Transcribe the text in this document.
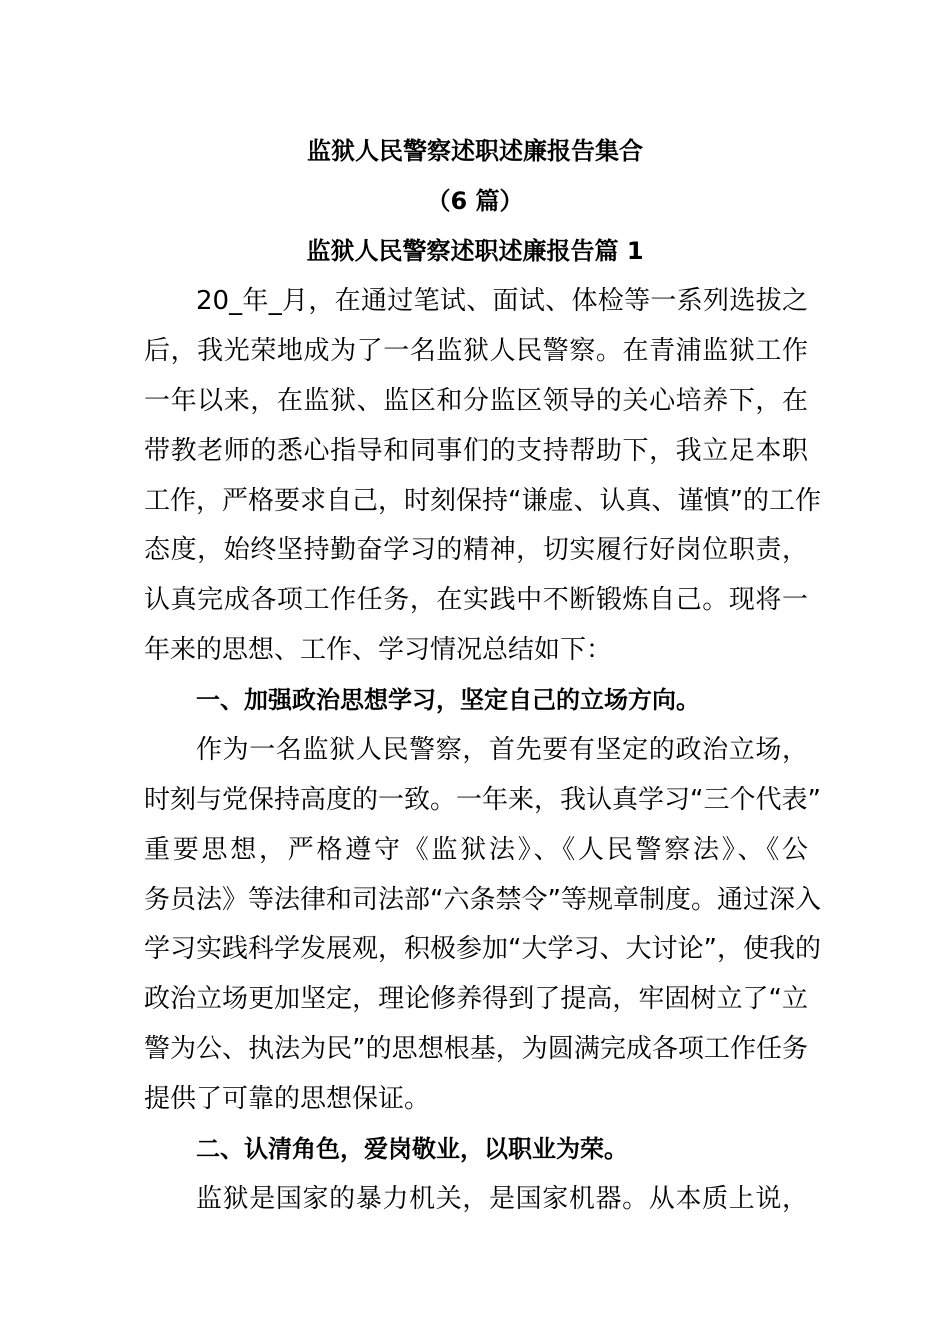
监狱人民警察述职述廉报告集合
（6 篇）
监狱人民警察述职述廉报告篇 1
20_年_月，在通过笔试、面试、体检等一系列选拔之
后，我光荣地成为了一名监狱人民警察。在青浦监狱工作
一年以来，在监狱、监区和分监区领导的关心培养下，在
带教老师的悉心指导和同事们的支持帮助下，我立足本职
工作，严格要求自己，时刻保持“谦虚、认真、谨慎”的工作
态度，始终坚持勤奋学习的精神，切实履行好岗位职责，
认真完成各项工作任务，在实践中不断锻炼自己。现将一
年来的思想、工作、学习情况总结如下：
一、加强政治思想学习，坚定自己的立场方向。
作为一名监狱人民警察，首先要有坚定的政治立场，
时刻与党保持高度的一致。一年来，我认真学习“三个代表”
重要思想，严格遵守《监狱法》、《人民警察法》、《公
务员法》等法律和司法部“六条禁令”等规章制度。通过深入
学习实践科学发展观，积极参加“大学习、大讨论”，使我的
政治立场更加坚定，理论修养得到了提高，牢固树立了“立
警为公、执法为民”的思想根基，为圆满完成各项工作任务
提供了可靠的思想保证。
二、认清角色，爱岗敬业，以职业为荣。
监狱是国家的暴力机关，是国家机器。从本质上说，
